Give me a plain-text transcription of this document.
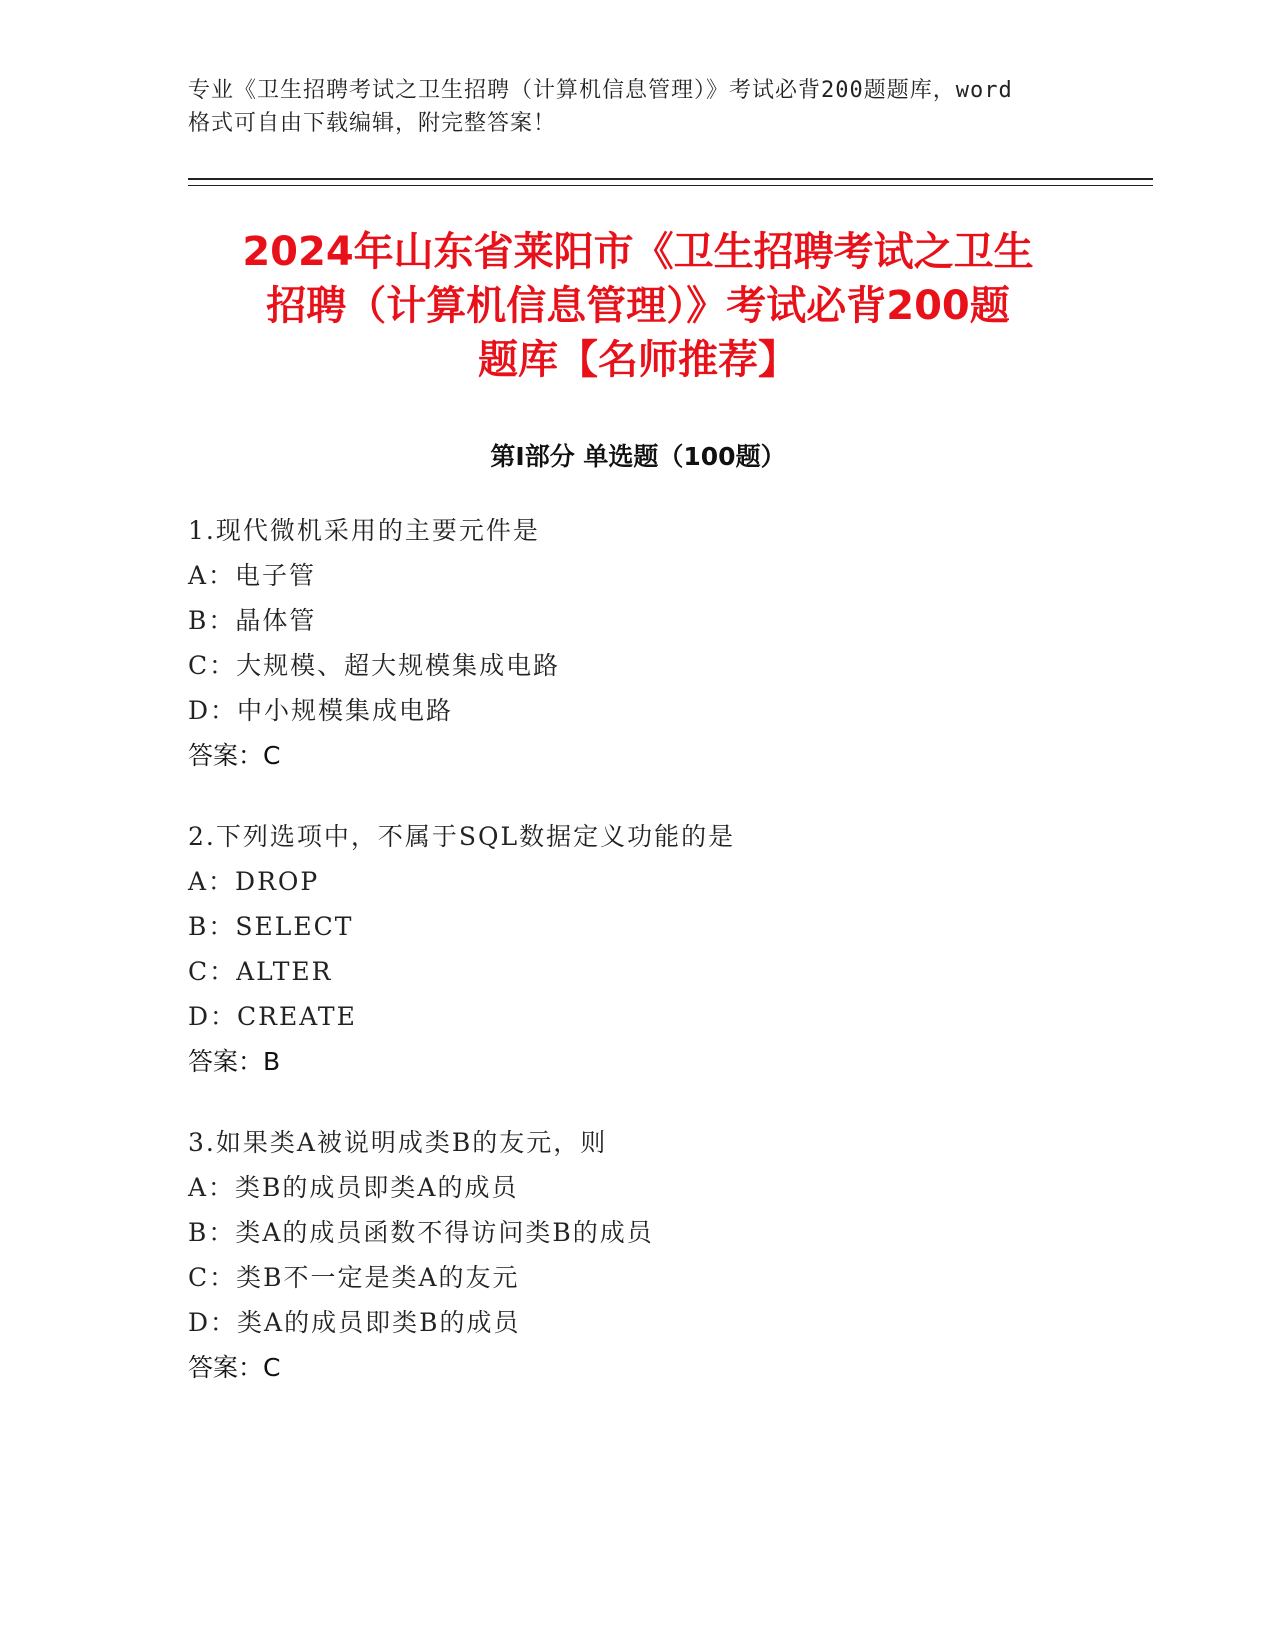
专业《卫生招聘考试之卫生招聘（计算机信息管理）》考试必背200题题库，word
格式可自由下载编辑，附完整答案！
2024年山东省莱阳市《卫生招聘考试之卫生
招聘（计算机信息管理）》考试必背200题
题库【名师推荐】
第Ⅰ部分 单选题（100题）
1.现代微机采用的主要元件是
A：电子管
B：晶体管
C：大规模、超大规模集成电路
D：中小规模集成电路
答案：C
2.下列选项中，不属于SQL数据定义功能的是
A：DROP
B：SELECT
C：ALTER
D：CREATE
答案：B
3.如果类A被说明成类B的友元，则
A：类B的成员即类A的成员
B：类A的成员函数不得访问类B的成员
C：类B不一定是类A的友元
D：类A的成员即类B的成员
答案：C
